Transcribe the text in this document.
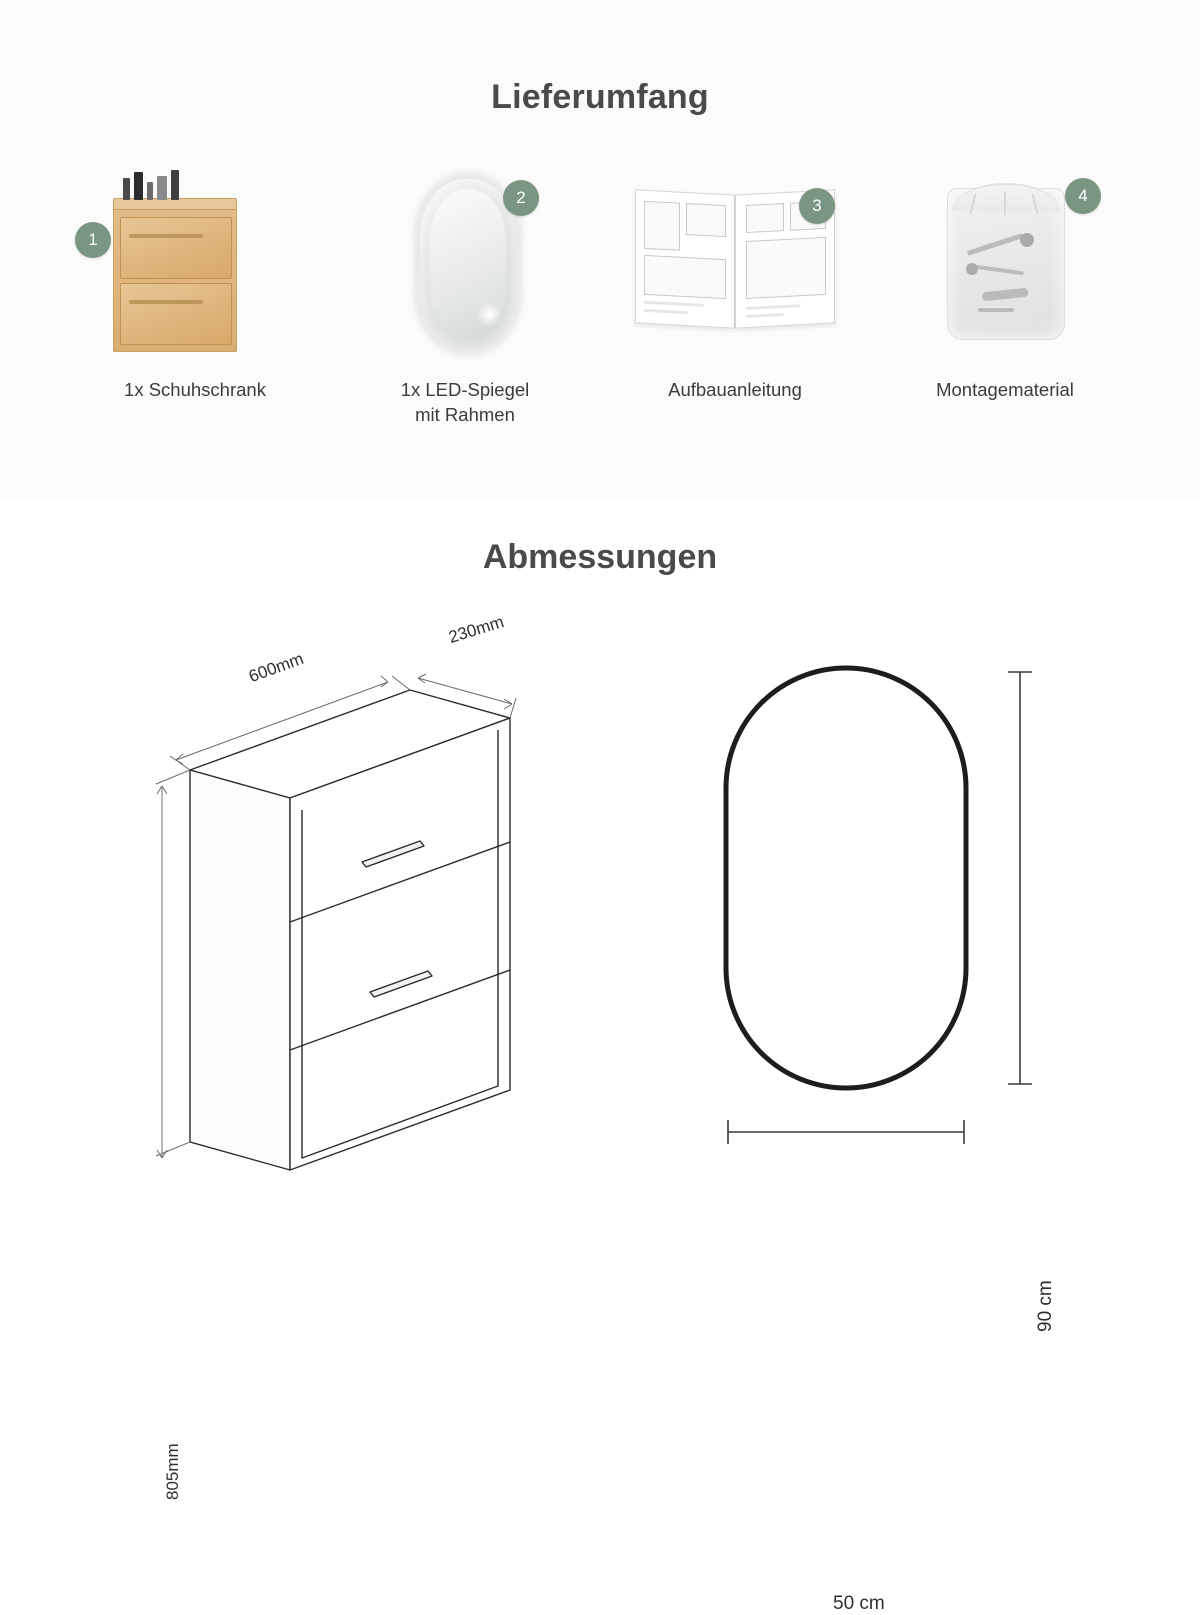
Lieferumfang
1
1x Schuhschrank
2
1x LED-Spiegel
mit Rahmen
3
Aufbauanleitung
4
Montagematerial
Abmessungen
600mm
230mm
805mm
90 cm
50 cm
